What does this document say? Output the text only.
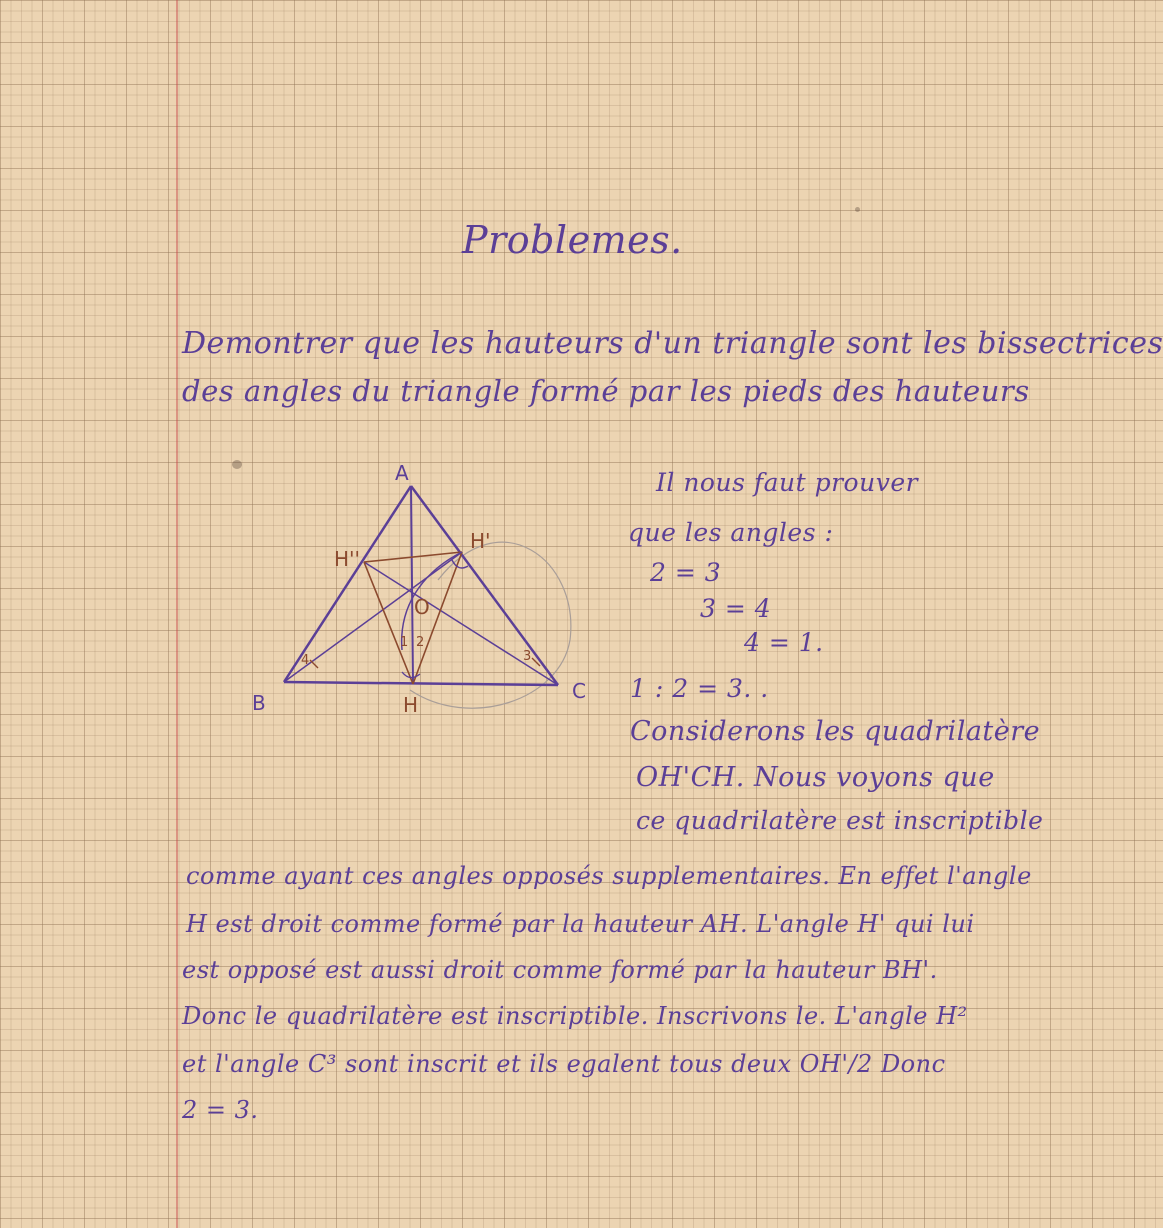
Problemes.
Demontrer que les hauteurs d'un triangle sont les bissectrices
des angles du triangle formé par les pieds des hauteurs
A
B	C
H
H'
H''
O
1 2
3
4
Il nous faut prouver
que les angles :
2 = 3
3 = 4
4 = 1.
1 : 2 = 3. .
Considerons les quadrilatère
OH'CH. Nous voyons que
ce quadrilatère est inscriptible
comme ayant ces angles opposés supplementaires. En effet l'angle
H est droit comme formé par la hauteur AH. L'angle H' qui lui
est opposé est aussi droit comme formé par la hauteur BH'.
Donc le quadrilatère est inscriptible. Inscrivons le. L'angle H²
et l'angle C³ sont inscrit et ils egalent tous deux OH'/2 Donc
2 = 3.
